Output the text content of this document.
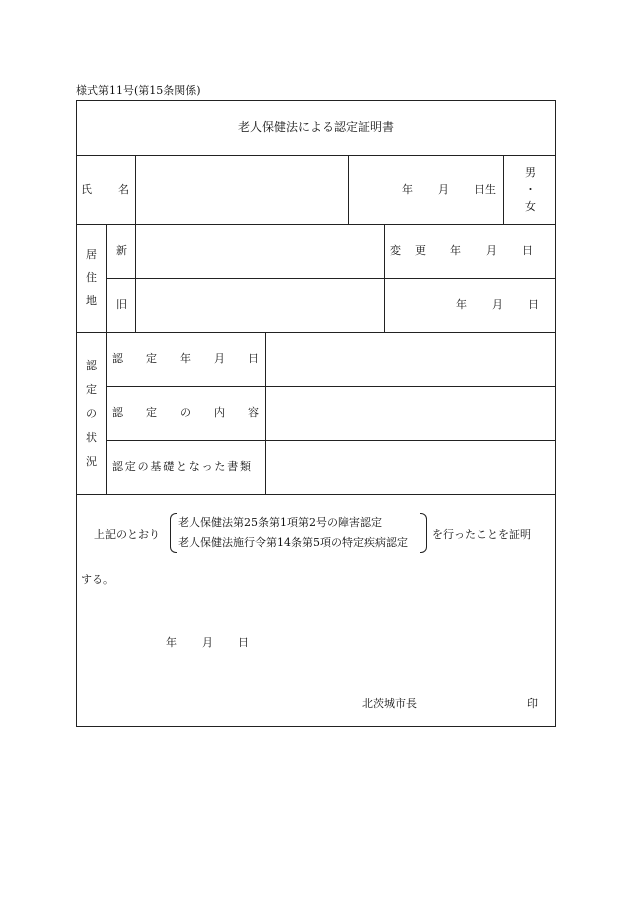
様式第11号(第15条関係)
老人保健法による認定証明書
氏 名	年 月 日生
男
・
女
居
住
地
新
旧
変 更 年 月 日
年 月 日
認
定
の
状
況
認 定 年 月 日
認 定 の 内 容
認定の基礎となった書類
上記のとおり
老人保健法第25条第1項第2号の障害認定
老人保健法施行令第14条第5項の特定疾病認定
を行ったことを証明
する。
年 月 日
北茨城市長	印
